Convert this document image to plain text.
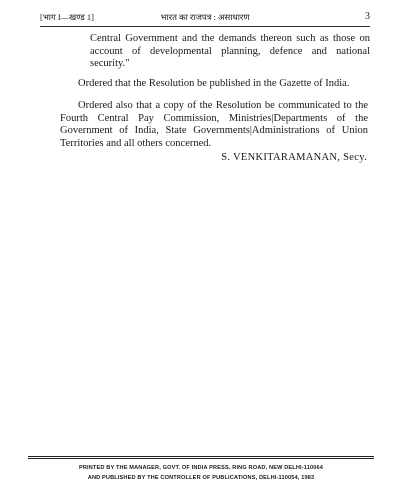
[भाग I—खण्ड 1]	भारत का राजपत्र : असाधारण	3

Central Government and the demands thereon such as those on account of developmental planning, defence and national security."

Ordered that the Resolution be published in the Gazette of India.

Ordered also that a copy of the Resolution be communicated to the Fourth Central Pay Commission, Ministries|Departments of the Government of India, State Governments|Administrations of Union Territories and all others concerned.

S. VENKITARAMANAN, Secy.
PRINTED BY THE MANAGER, GOVT. OF INDIA PRESS, RING ROAD, NEW DELHI-110064
AND PUBLISHED BY THE CONTROLLER OF PUBLICATIONS, DELHI-110054, 1983
